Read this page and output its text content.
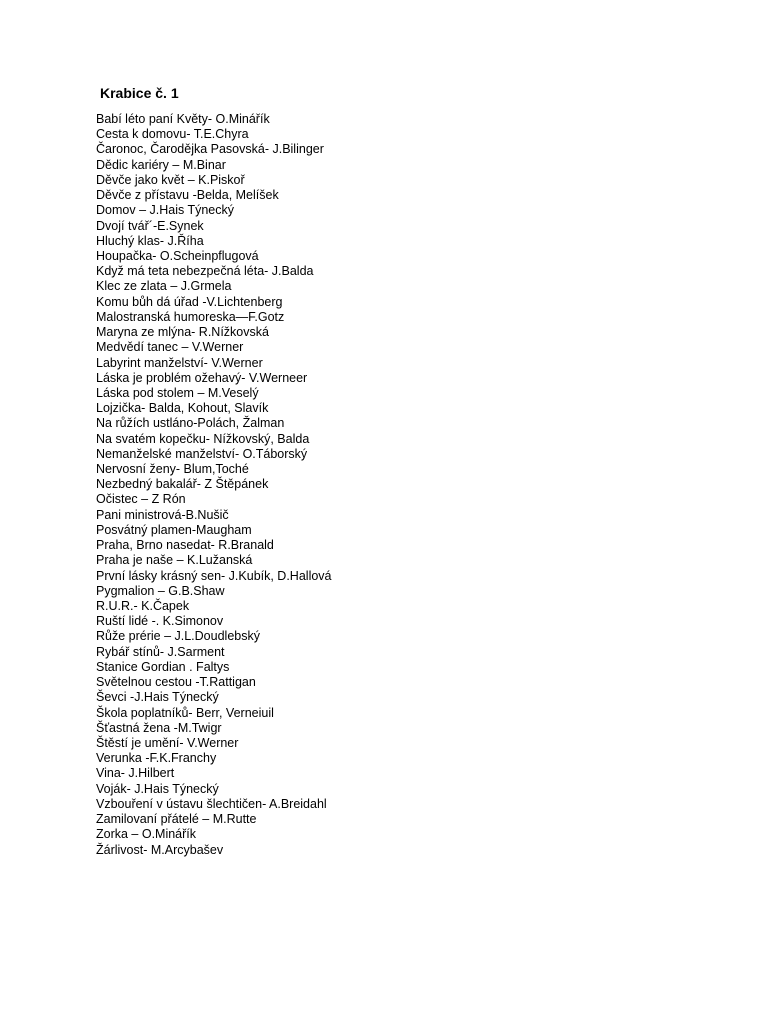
Krabice č. 1
Babí léto paní Květy- O.Minářík
Cesta k domovu- T.E.Chyra
Čaronoc, Čarodějka Pasovská- J.Bilinger
Dědic kariéry – M.Binar
Děvče jako květ – K.Piskoř
Děvče z přístavu -Belda, Melíšek
Domov – J.Hais Týnecký
Dvojí tvář´-E.Synek
Hluchý klas- J.Říha
Houpačka- O.Scheinpflugová
Když má teta nebezpečná léta- J.Balda
Klec ze zlata – J.Grmela
Komu bůh dá úřad -V.Lichtenberg
Malostranská humoreska—F.Gotz
Maryna ze mlýna- R.Nížkovská
Medvědí tanec – V.Werner
Labyrint manželství- V.Werner
Láska je problém ožehavý- V.Werneer
Láska pod stolem – M.Veselý
Lojzička- Balda, Kohout, Slavík
Na růžích ustláno-Polách, Žalman
Na svatém kopečku- Nížkovský, Balda
Nemanželské manželství- O.Táborský
Nervosní ženy- Blum,Toché
Nezbedný bakalář- Z Štěpánek
Očistec – Z Rón
Pani ministrová-B.Nušič
Posvátný plamen-Maugham
Praha, Brno nasedat- R.Branald
Praha je naše – K.Lužanská
První lásky krásný sen- J.Kubík, D.Hallová
Pygmalion – G.B.Shaw
R.U.R.- K.Čapek
Ruští lidé -. K.Simonov
Růže prérie – J.L.Doudlebský
Rybář stínů- J.Sarment
Stanice Gordian . Faltys
Světelnou cestou -T.Rattigan
Ševci -J.Hais Týnecký
Škola poplatníků- Berr, Verneiuil
Šťastná žena -M.Twigr
Štěstí je umění- V.Werner
Verunka -F.K.Franchy
Vina- J.Hilbert
Voják- J.Hais Týnecký
Vzbouření v ústavu šlechtičen- A.Breidahl
Zamilovaní přátelé – M.Rutte
Zorka – O.Minářík
Žárlivost- M.Arcybašev
